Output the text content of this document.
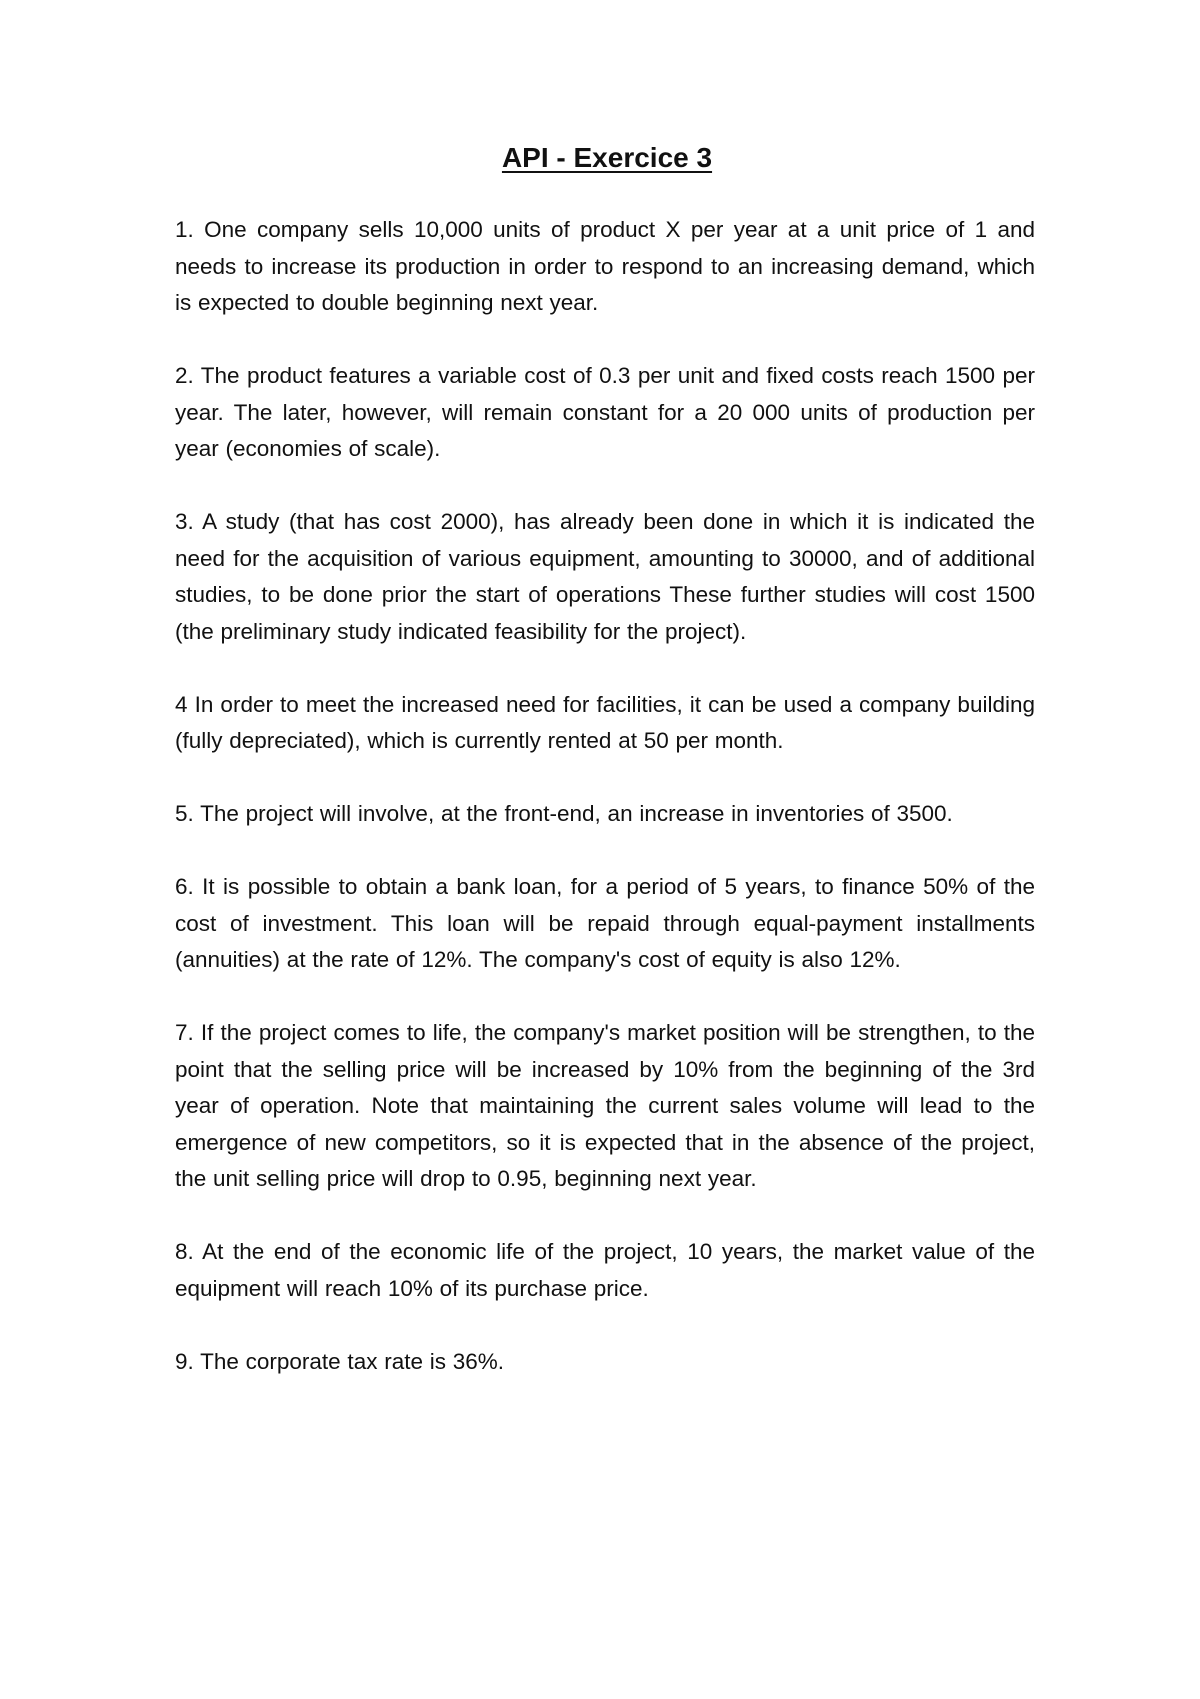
API - Exercice 3

1. One company sells 10,000 units of product X per year at a unit price of 1 and needs to increase its production in order to respond to an increasing demand, which is expected to double beginning next year.

2. The product features a variable cost of 0.3 per unit and fixed costs reach 1500 per year. The later, however, will remain constant for a 20 000 units of production per year (economies of scale).

3. A study (that has cost 2000), has already been done in which it is indicated the need for the acquisition of various equipment, amounting to 30000, and of additional studies, to be done prior the start of operations These further studies will cost 1500 (the preliminary study indicated feasibility for the project).

4 In order to meet the increased need for facilities, it can be used a company building (fully depreciated), which is currently rented at 50 per month.

5. The project will involve, at the front-end, an increase in inventories of 3500.

6. It is possible to obtain a bank loan, for a period of 5 years, to finance 50% of the cost of investment. This loan will be repaid through equal-payment installments (annuities) at the rate of 12%. The company's cost of equity is also 12%.

7. If the project comes to life, the company's market position will be strengthen, to the point that the selling price will be increased by 10% from the beginning of the 3rd year of operation. Note that maintaining the current sales volume will lead to the emergence of new competitors, so it is expected that in the absence of the project, the unit selling price will drop to 0.95, beginning next year.

8. At the end of the economic life of the project, 10 years, the market value of the equipment will reach 10% of its purchase price.

9. The corporate tax rate is 36%.
